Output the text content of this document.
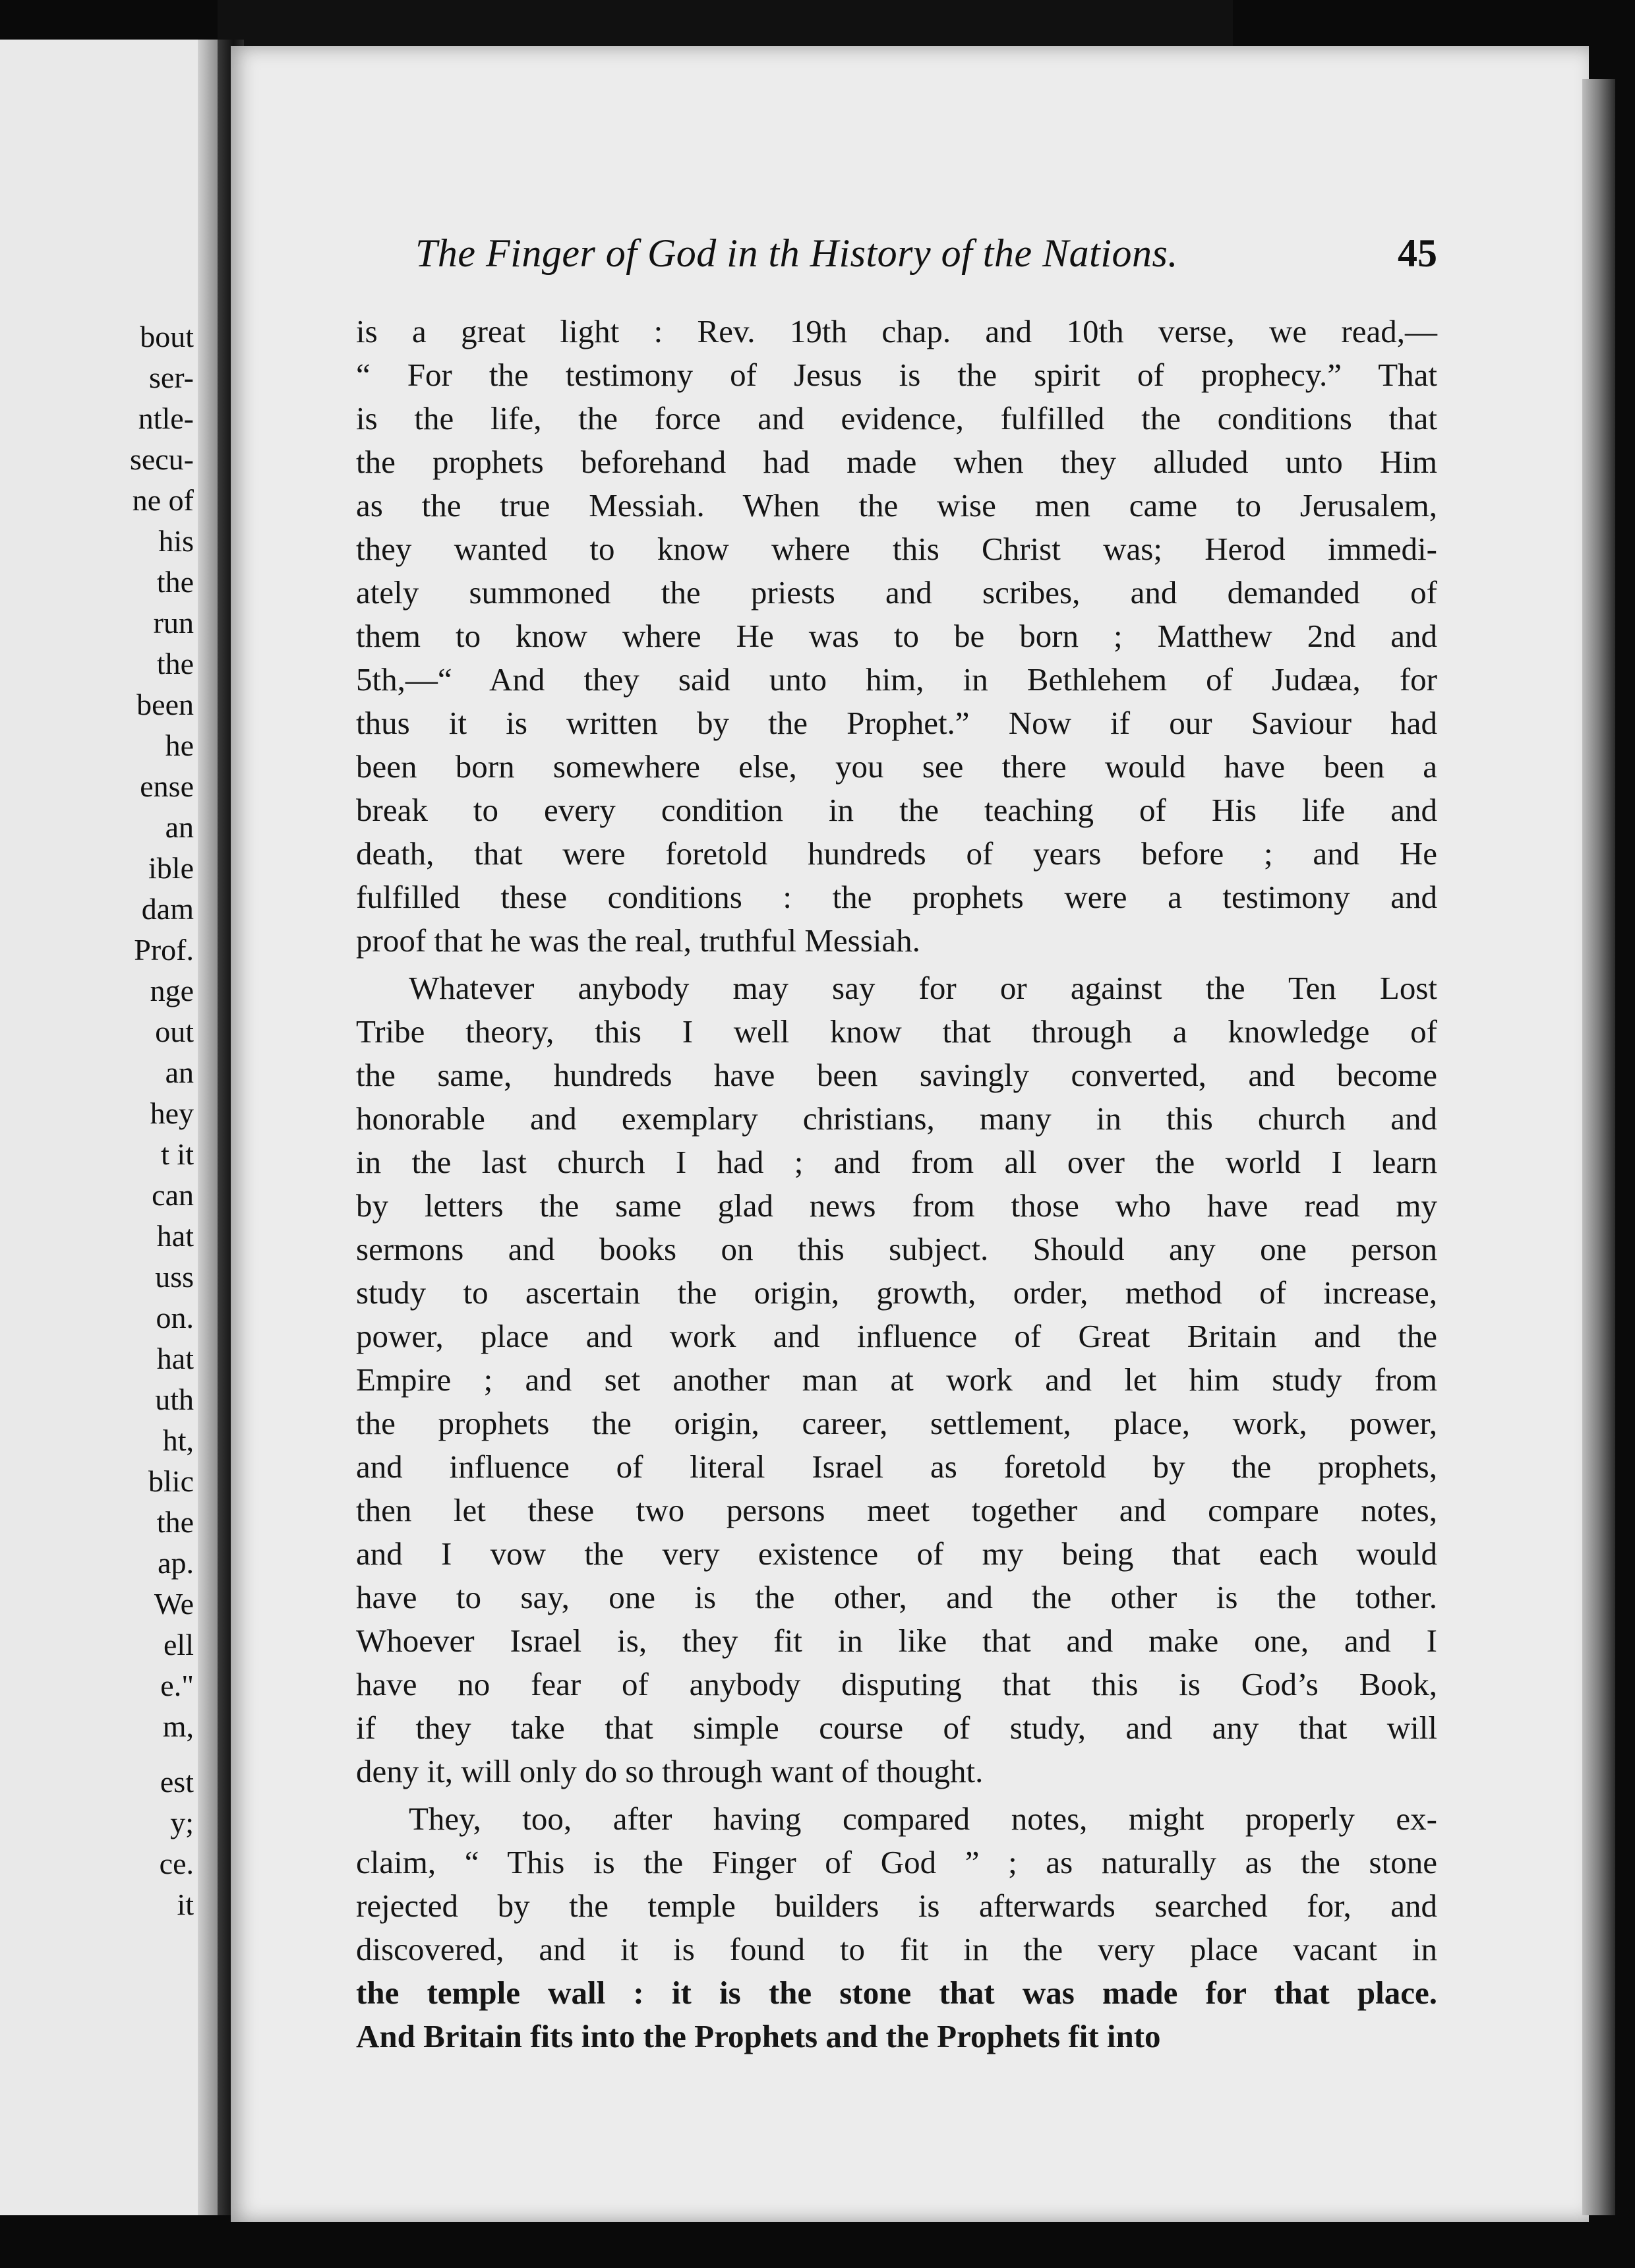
bout
ser-
ntle-
secu-
ne of
his
the
run
the
been
he
ense
an
ible
dam
Prof.
nge
out
an
hey
t it
can
hat
uss
on.
hat
uth
ht,
blic
the
ap.
We
ell
e."
m,
est
y;
ce.
it
The Finger of God in th History of the Nations.	45
is a great light : Rev. 19th chap. and 10th verse, we read,—
“ For the testimony of Jesus is the spirit of prophecy.” That
is the life, the force and evidence, fulfilled the conditions that
the prophets beforehand had made when they alluded unto Him
as the true Messiah. When the wise men came to Jerusalem,
they wanted to know where this Christ was; Herod immedi-
ately summoned the priests and scribes, and demanded of
them to know where He was to be born ; Matthew 2nd and
5th,—“ And they said unto him, in Bethlehem of Judæa, for
thus it is written by the Prophet.” Now if our Saviour had
been born somewhere else, you see there would have been a
break to every condition in the teaching of His life and
death, that were foretold hundreds of years before ; and He
fulfilled these conditions : the prophets were a testimony and
proof that he was the real, truthful Messiah.
Whatever anybody may say for or against the Ten Lost
Tribe theory, this I well know that through a knowledge of
the same, hundreds have been savingly converted, and become
honorable and exemplary christians, many in this church and
in the last church I had ; and from all over the world I learn
by letters the same glad news from those who have read my
sermons and books on this subject. Should any one person
study to ascertain the origin, growth, order, method of increase,
power, place and work and influence of Great Britain and the
Empire ; and set another man at work and let him study from
the prophets the origin, career, settlement, place, work, power,
and influence of literal Israel as foretold by the prophets,
then let these two persons meet together and compare notes,
and I vow the very existence of my being that each would
have to say, one is the other, and the other is the tother.
Whoever Israel is, they fit in like that and make one, and I
have no fear of anybody disputing that this is God’s Book,
if they take that simple course of study, and any that will
deny it, will only do so through want of thought.
They, too, after having compared notes, might properly ex-
claim, “ This is the Finger of God ” ; as naturally as the stone
rejected by the temple builders is afterwards searched for, and
discovered, and it is found to fit in the very place vacant in
the temple wall : it is the stone that was made for that place.
And Britain fits into the Prophets and the Prophets fit into
